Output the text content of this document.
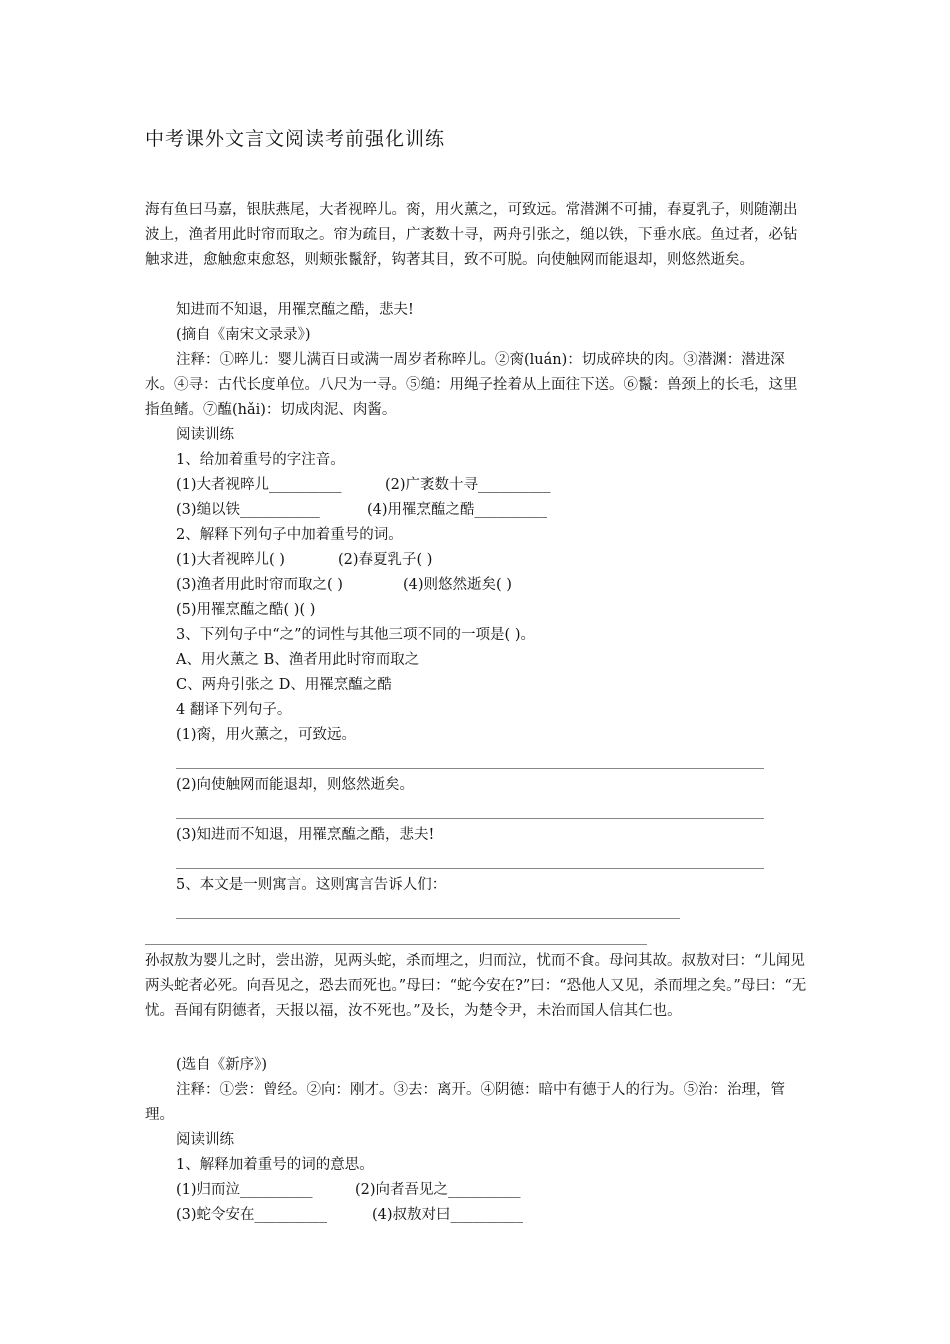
中考课外文言文阅读考前强化训练
海有鱼曰马嘉，银肤燕尾，大者视晬儿。脔，用火薰之，可致远。常潜渊不可捕，春夏乳子，则随潮出波上，渔者用此时帘而取之。帘为疏目，广袤数十寻，两舟引张之，缒以铁，下垂水底。鱼过者，必钻触求进，愈触愈束愈怒，则颊张鬣舒，钩著其目，致不可脱。向使触网而能退却，则悠然逝矣。
知进而不知退，用罹烹醢之酷，悲夫!
(摘自《南宋文录录》)
注释：①晬儿：婴儿满百日或满一周岁者称晬儿。②脔(luán)：切成碎块的肉。③潜渊：潜进深水。④寻：古代长度单位。八尺为一寻。⑤缒：用绳子拴着从上面往下送。⑥鬣：兽颈上的长毛，这里指鱼鳍。⑦醢(hǎi)：切成肉泥、肉酱。
阅读训练
1、给加着重号的字注音。
(1)大者视晬儿__________	(2)广袤数十寻__________
(3)缒以铁___________	(4)用罹烹醢之酷__________
2、解释下列句子中加着重号的词。
(1)大者视晬儿( )	(2)春夏乳子( )
(3)渔者用此时帘而取之( )	(4)则悠然逝矣( )
(5)用罹烹醢之酷( )( )
3、下列句子中“之”的词性与其他三项不同的一项是( )。
A、用火薰之 B、渔者用此时帘而取之
C、两舟引张之 D、用罹烹醢之酷
4 翻译下列句子。
(1)脔，用火薰之，可致远。
(2)向使触网而能退却，则悠然逝矣。
(3)知进而不知退，用罹烹醢之酷，悲夫!
5、本文是一则寓言。这则寓言告诉人们：
孙叔敖为婴儿之时，尝出游，见两头蛇，杀而埋之，归而泣，忧而不食。母问其故。叔敖对曰：“儿闻见两头蛇者必死。向吾见之，恐去而死也。”母曰：“蛇今安在?”曰：“恐他人又见，杀而埋之矣。”母曰：“无忧。吾闻有阴德者，天报以福，汝不死也。”及长，为楚令尹，未治而国人信其仁也。
(选自《新序》)
注释：①尝：曾经。②向：刚才。③去：离开。④阴德：暗中有德于人的行为。⑤治：治理，管理。
阅读训练
1、解释加着重号的词的意思。
(1)归而泣__________	(2)向者吾见之__________
(3)蛇令安在__________	(4)叔敖对曰__________
